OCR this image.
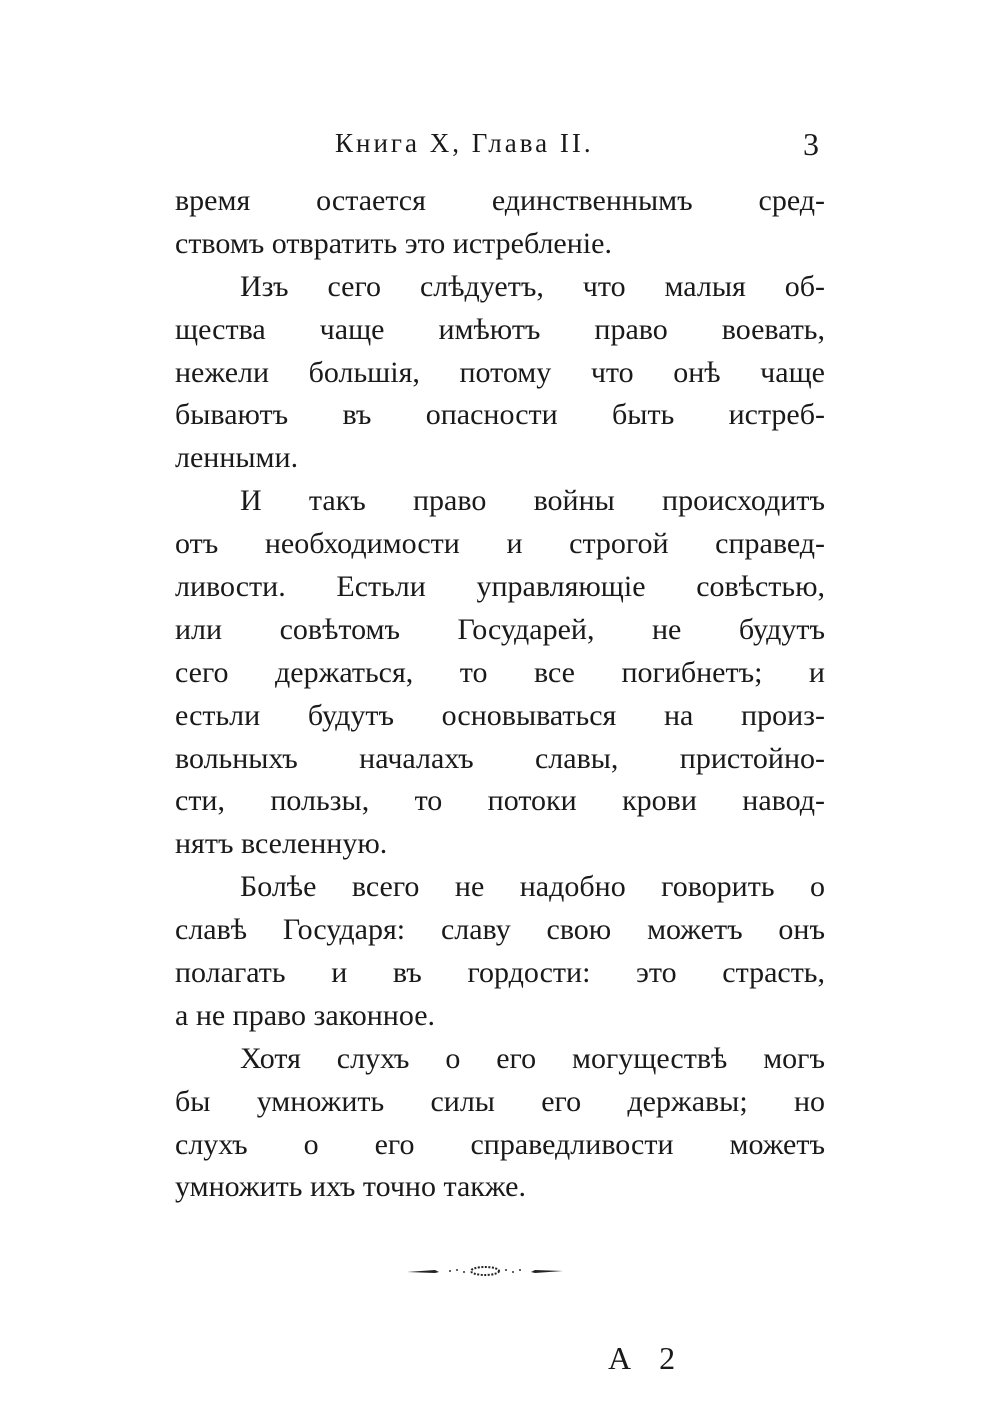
Книга X, Глава II.	3
время остается единственнымъ сред-
ствомъ отвратить это истребленіе.
Изъ сего слѣдуетъ, что малыя об-
щества чаще имѣютъ право воевать,
нежели большія, потому что онѣ чаще
бываютъ въ опасности быть истреб-
ленными.
И такъ право войны происходитъ
отъ необходимости и строгой справед-
ливости. Естьли управляющіе совѣстью,
или совѣтомъ Государей, не будутъ
сего держаться, то все погибнетъ; и
естьли будутъ основываться на произ-
вольныхъ началахъ славы, пристойно-
сти, пользы, то потоки крови навод-
нятъ вселенную.
Болѣе всего не надобно говорить о
славѣ Государя: славу свою можетъ онъ
полагать и въ гордости: это страсть,
а не право законное.
Хотя слухъ о его могуществѣ могъ
бы умножить силы его державы; но
слухъ о его справедливости можетъ
умножить ихъ точно также.
А 2
